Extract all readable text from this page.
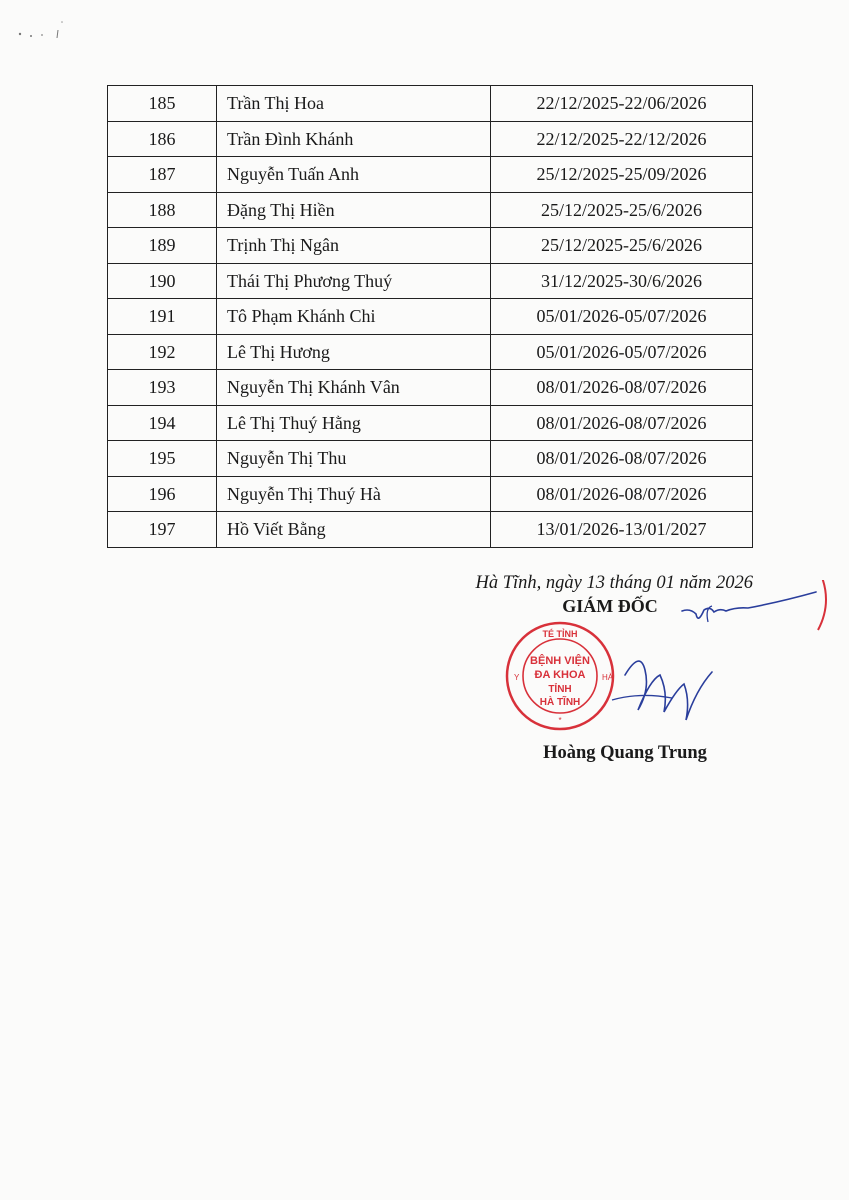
185	Trần Thị Hoa	22/12/2025-22/06/2026
186	Trần Đình Khánh	22/12/2025-22/12/2026
187	Nguyễn Tuấn Anh	25/12/2025-25/09/2026
188	Đặng Thị Hiền	25/12/2025-25/6/2026
189	Trịnh Thị Ngân	25/12/2025-25/6/2026
190	Thái Thị Phương Thuý	31/12/2025-30/6/2026
191	Tô Phạm Khánh Chi	05/01/2026-05/07/2026
192	Lê Thị Hương	05/01/2026-05/07/2026
193	Nguyễn Thị Khánh Vân	08/01/2026-08/07/2026
194	Lê Thị Thuý Hằng	08/01/2026-08/07/2026
195	Nguyễn Thị Thu	08/01/2026-08/07/2026
196	Nguyễn Thị Thuý Hà	08/01/2026-08/07/2026
197	Hồ Viết Bằng	13/01/2026-13/01/2027
Hà Tĩnh, ngày 13 tháng 01 năm 2026
GIÁM ĐỐC
TÉ TỈNH
Y	HÀ
*
BỆNH VIỆN
ĐA KHOA
TỈNH
HÀ TĨNH
Hoàng Quang Trung
